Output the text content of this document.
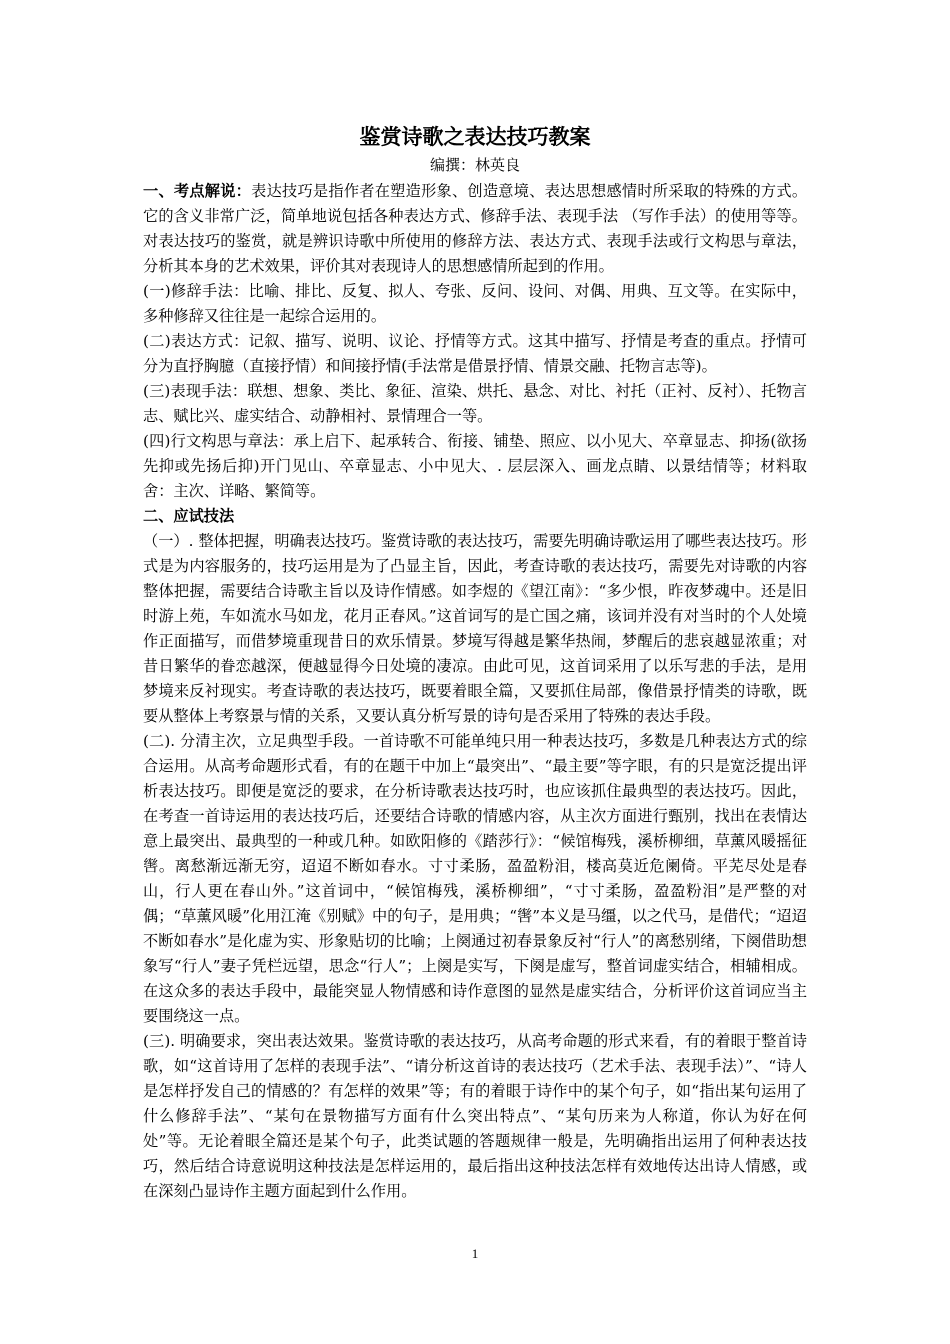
鉴赏诗歌之表达技巧教案

编撰：林英良

一、考点解说：表达技巧是指作者在塑造形象、创造意境、表达思想感情时所采取的特殊的方式。它的含义非常广泛，简单地说包括各种表达方式、修辞手法、表现手法 （写作手法）的使用等等。对表达技巧的鉴赏，就是辨识诗歌中所使用的修辞方法、表达方式、表现手法或行文构思与章法，分析其本身的艺术效果，评价其对表现诗人的思想感情所起到的作用。

(一)修辞手法：比喻、排比、反复、拟人、夸张、反问、设问、对偶、用典、互文等。在实际中，多种修辞又往往是一起综合运用的。

(二)表达方式：记叙、描写、说明、议论、抒情等方式。这其中描写、抒情是考查的重点。抒情可分为直抒胸臆（直接抒情）和间接抒情(手法常是借景抒情、情景交融、托物言志等)。

(三)表现手法：联想、想象、类比、象征、渲染、烘托、悬念、对比、衬托（正衬、反衬）、托物言志、赋比兴、虚实结合、动静相衬、景情理合一等。

(四)行文构思与章法：承上启下、起承转合、衔接、铺垫、照应、以小见大、卒章显志、抑扬(欲扬先抑或先扬后抑)开门见山、卒章显志、小中见大、. 层层深入、画龙点睛、以景结情等；材料取舍：主次、详略、繁简等。

二、应试技法

（一）. 整体把握，明确表达技巧。鉴赏诗歌的表达技巧，需要先明确诗歌运用了哪些表达技巧。形式是为内容服务的，技巧运用是为了凸显主旨，因此，考查诗歌的表达技巧，需要先对诗歌的内容整体把握，需要结合诗歌主旨以及诗作情感。如李煜的《望江南》：“多少恨，昨夜梦魂中。还是旧时游上苑，车如流水马如龙，花月正春风。”这首词写的是亡国之痛，该词并没有对当时的个人处境作正面描写，而借梦境重现昔日的欢乐情景。梦境写得越是繁华热闹，梦醒后的悲哀越显浓重；对昔日繁华的眷恋越深，便越显得今日处境的凄凉。由此可见，这首词采用了以乐写悲的手法，是用梦境来反衬现实。考查诗歌的表达技巧，既要着眼全篇，又要抓住局部，像借景抒情类的诗歌，既要从整体上考察景与情的关系，又要认真分析写景的诗句是否采用了特殊的表达手段。

(二). 分清主次，立足典型手段。一首诗歌不可能单纯只用一种表达技巧，多数是几种表达方式的综合运用。从高考命题形式看，有的在题干中加上“最突出”、“最主要”等字眼，有的只是宽泛提出评析表达技巧。即便是宽泛的要求，在分析诗歌表达技巧时，也应该抓住最典型的表达技巧。因此，在考查一首诗运用的表达技巧后，还要结合诗歌的情感内容，从主次方面进行甄别，找出在表情达意上最突出、最典型的一种或几种。如欧阳修的《踏莎行》：“候馆梅残，溪桥柳细，草薰风暖摇征辔。离愁渐远渐无穷，迢迢不断如春水。寸寸柔肠，盈盈粉泪，楼高莫近危阑倚。平芜尽处是春山，行人更在春山外。”这首词中，“候馆梅残，溪桥柳细”，“寸寸柔肠，盈盈粉泪”是严整的对偶；“草薰风暖”化用江淹《别赋》中的句子，是用典；“辔”本义是马缰，以之代马，是借代；“迢迢不断如春水”是化虚为实、形象贴切的比喻；上阕通过初春景象反衬“行人”的离愁别绪，下阕借助想象写“行人”妻子凭栏远望，思念“行人”；上阕是实写，下阕是虚写，整首词虚实结合，相辅相成。在这众多的表达手段中，最能突显人物情感和诗作意图的显然是虚实结合，分析评价这首词应当主要围绕这一点。

(三). 明确要求，突出表达效果。鉴赏诗歌的表达技巧，从高考命题的形式来看，有的着眼于整首诗歌，如“这首诗用了怎样的表现手法”、“请分析这首诗的表达技巧（艺术手法、表现手法）”、“诗人是怎样抒发自己的情感的？有怎样的效果”等；有的着眼于诗作中的某个句子，如“指出某句运用了什么修辞手法”、“某句在景物描写方面有什么突出特点”、“某句历来为人称道，你认为好在何处”等。无论着眼全篇还是某个句子，此类试题的答题规律一般是，先明确指出运用了何种表达技巧，然后结合诗意说明这种技法是怎样运用的，最后指出这种技法怎样有效地传达出诗人情感，或在深刻凸显诗作主题方面起到什么作用。

1
